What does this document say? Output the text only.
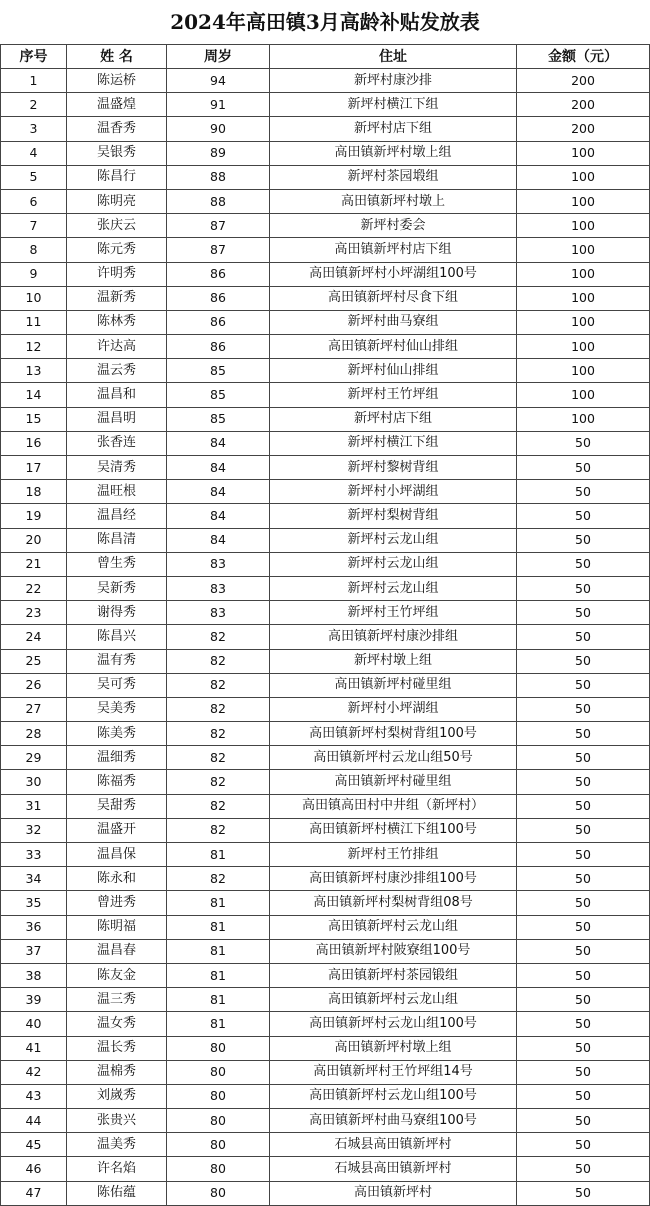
2024年高田镇3月高龄补贴发放表
序号	姓 名	周岁	住址	金额（元）
1	陈运桥	94	新坪村康沙排	200
2	温盛煌	91	新坪村横江下组	200
3	温香秀	90	新坪村店下组	200
4	吴银秀	89	高田镇新坪村墩上组	100
5	陈昌行	88	新坪村茶园塅组	100
6	陈明亮	88	高田镇新坪村墩上	100
7	张庆云	87	新坪村委会	100
8	陈元秀	87	高田镇新坪村店下组	100
9	许明秀	86	高田镇新坪村小坪湖组100号	100
10	温新秀	86	高田镇新坪村尽食下组	100
11	陈林秀	86	新坪村曲马寮组	100
12	许达高	86	高田镇新坪村仙山排组	100
13	温云秀	85	新坪村仙山排组	100
14	温昌和	85	新坪村王竹坪组	100
15	温昌明	85	新坪村店下组	100
16	张香连	84	新坪村横江下组	50
17	吴清秀	84	新坪村黎树背组	50
18	温旺根	84	新坪村小坪湖组	50
19	温昌经	84	新坪村梨树背组	50
20	陈昌清	84	新坪村云龙山组	50
21	曾生秀	83	新坪村云龙山组	50
22	吴新秀	83	新坪村云龙山组	50
23	谢得秀	83	新坪村王竹坪组	50
24	陈昌兴	82	高田镇新坪村康沙排组	50
25	温有秀	82	新坪村墩上组	50
26	吴可秀	82	高田镇新坪村碰里组	50
27	吴美秀	82	新坪村小坪湖组	50
28	陈美秀	82	高田镇新坪村梨树背组100号	50
29	温细秀	82	高田镇新坪村云龙山组50号	50
30	陈福秀	82	高田镇新坪村碰里组	50
31	吴甜秀	82	高田镇高田村中井组（新坪村）	50
32	温盛开	82	高田镇新坪村横江下组100号	50
33	温昌保	81	新坪村王竹排组	50
34	陈永和	82	高田镇新坪村康沙排组100号	50
35	曾进秀	81	高田镇新坪村梨树背组08号	50
36	陈明福	81	高田镇新坪村云龙山组	50
37	温昌春	81	高田镇新坪村陂寮组100号	50
38	陈友金	81	高田镇新坪村茶园锻组	50
39	温三秀	81	高田镇新坪村云龙山组	50
40	温女秀	81	高田镇新坪村云龙山组100号	50
41	温长秀	80	高田镇新坪村墩上组	50
42	温棉秀	80	高田镇新坪村王竹坪组14号	50
43	刘嵗秀	80	高田镇新坪村云龙山组100号	50
44	张贵兴	80	高田镇新坪村曲马寮组100号	50
45	温美秀	80	石城县高田镇新坪村	50
46	许名焰	80	石城县高田镇新坪村	50
47	陈佑蕴	80	高田镇新坪村	50
